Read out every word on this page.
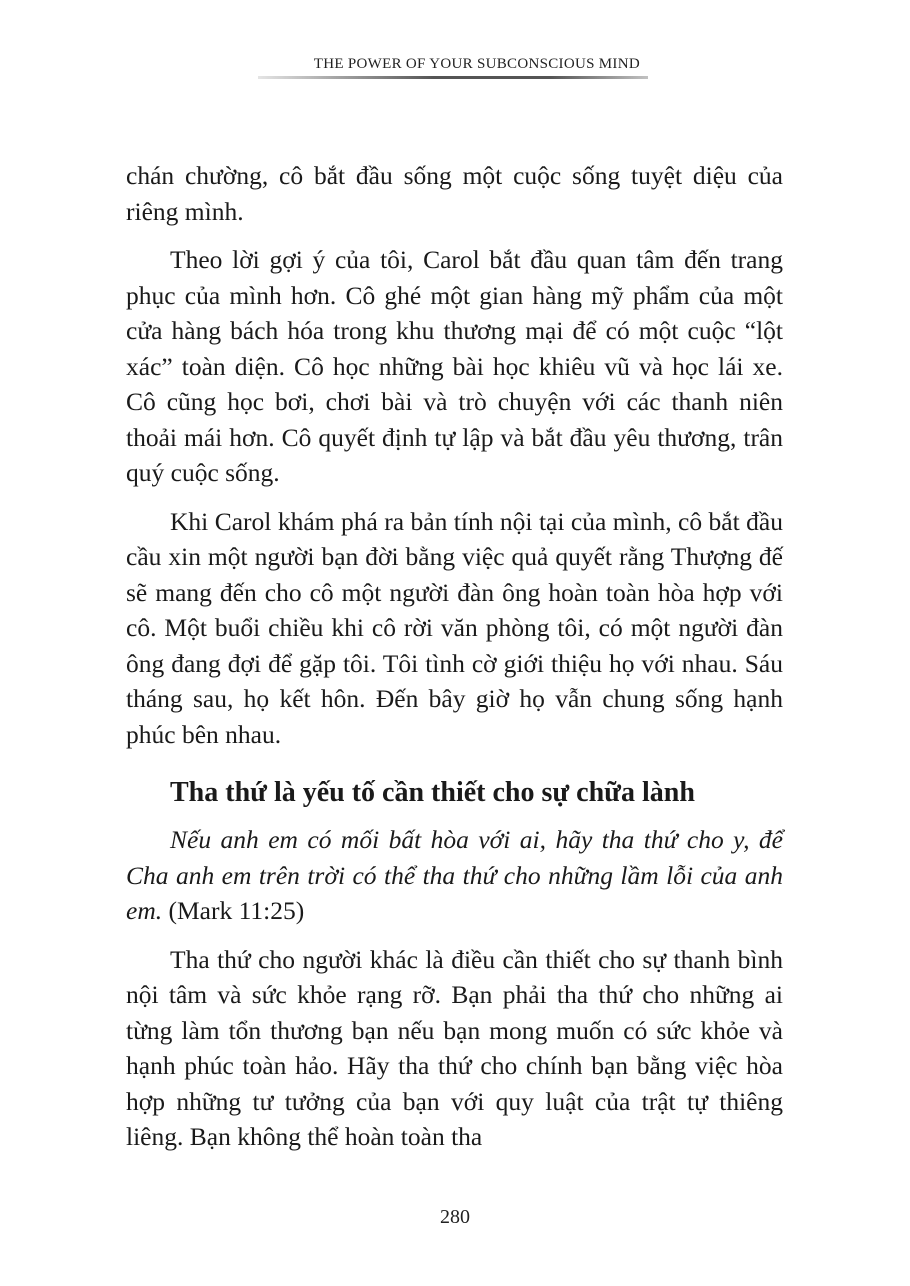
THE POWER OF YOUR SUBCONSCIOUS MIND

chán chường, cô bắt đầu sống một cuộc sống tuyệt diệu của riêng mình.

Theo lời gợi ý của tôi, Carol bắt đầu quan tâm đến trang phục của mình hơn. Cô ghé một gian hàng mỹ phẩm của một cửa hàng bách hóa trong khu thương mại để có một cuộc “lột xác” toàn diện. Cô học những bài học khiêu vũ và học lái xe. Cô cũng học bơi, chơi bài và trò chuyện với các thanh niên thoải mái hơn. Cô quyết định tự lập và bắt đầu yêu thương, trân quý cuộc sống.

Khi Carol khám phá ra bản tính nội tại của mình, cô bắt đầu cầu xin một người bạn đời bằng việc quả quyết rằng Thượng đế sẽ mang đến cho cô một người đàn ông hoàn toàn hòa hợp với cô. Một buổi chiều khi cô rời văn phòng tôi, có một người đàn ông đang đợi để gặp tôi. Tôi tình cờ giới thiệu họ với nhau. Sáu tháng sau, họ kết hôn. Đến bây giờ họ vẫn chung sống hạnh phúc bên nhau.

Tha thứ là yếu tố cần thiết cho sự chữa lành

Nếu anh em có mối bất hòa với ai, hãy tha thứ cho y, để Cha anh em trên trời có thể tha thứ cho những lầm lỗi của anh em. (Mark 11:25)

Tha thứ cho người khác là điều cần thiết cho sự thanh bình nội tâm và sức khỏe rạng rỡ. Bạn phải tha thứ cho những ai từng làm tổn thương bạn nếu bạn mong muốn có sức khỏe và hạnh phúc toàn hảo. Hãy tha thứ cho chính bạn bằng việc hòa hợp những tư tưởng của bạn với quy luật của trật tự thiêng liêng. Bạn không thể hoàn toàn tha

280
